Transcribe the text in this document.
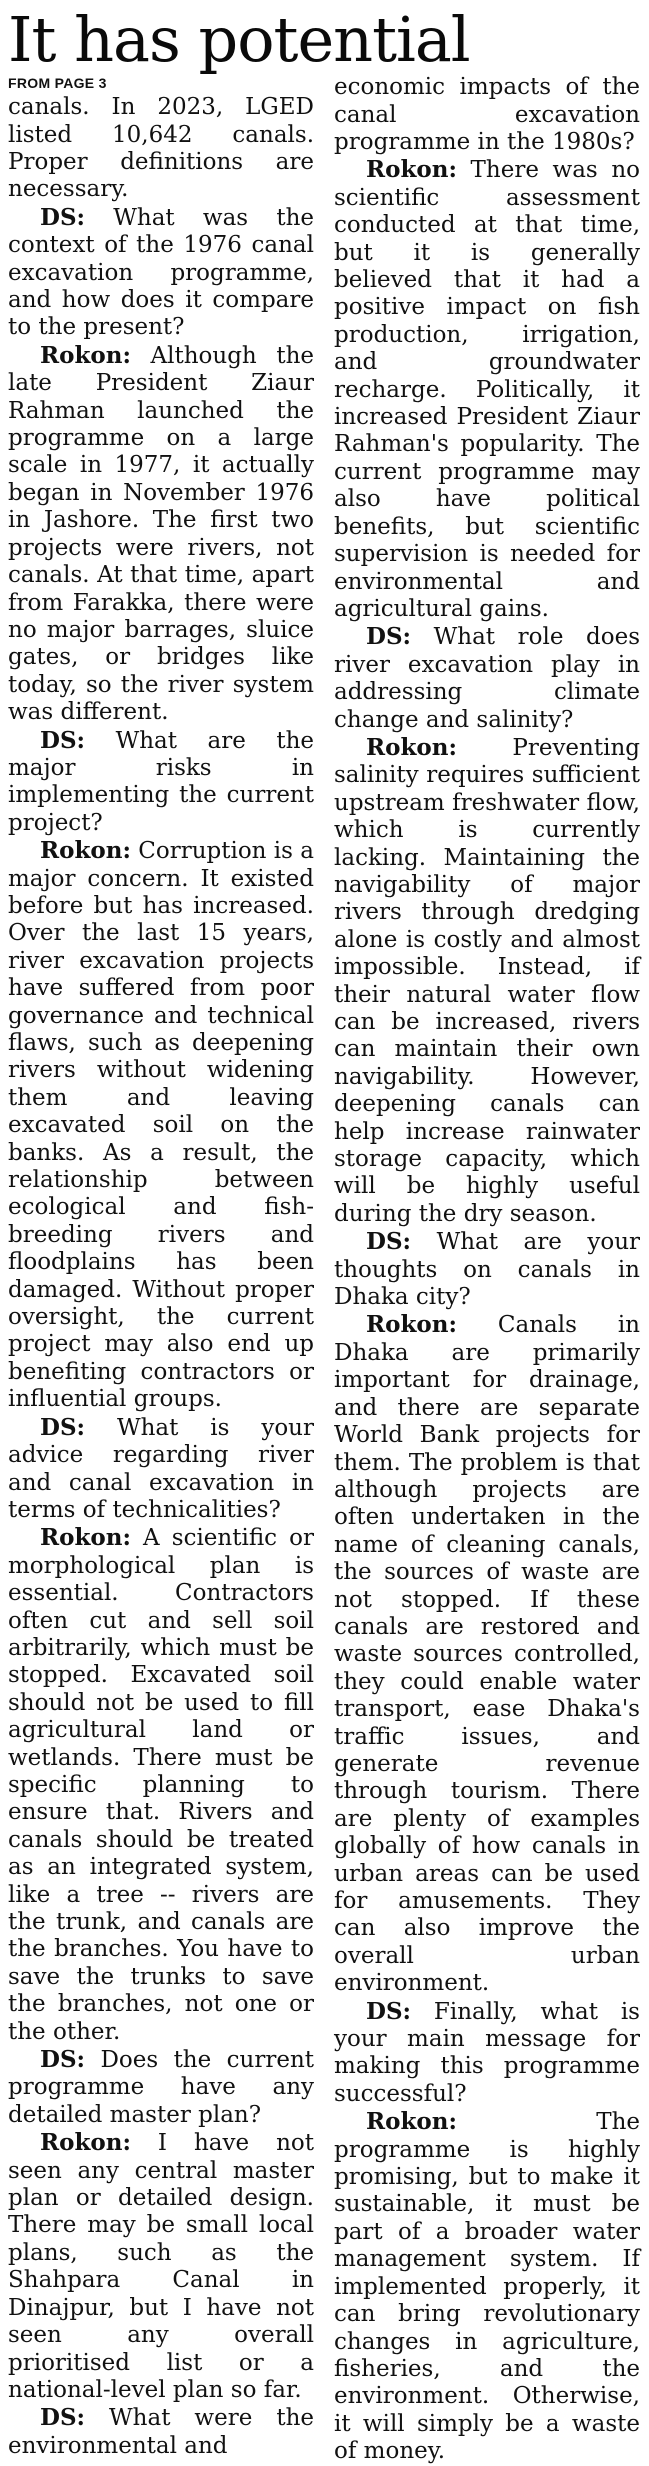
It has potential
FROM PAGE 3

canals. In 2023, LGED listed 10,642 canals. Proper definitions are necessary.

DS: What was the context of the 1976 canal excavation programme, and how does it compare to the present?

Rokon: Although the late President Ziaur Rahman launched the programme on a large scale in 1977, it actually began in November 1976 in Jashore. The first two projects were rivers, not canals. At that time, apart from Farakka, there were no major barrages, sluice gates, or bridges like today, so the river system was different.

DS: What are the major risks in implementing the current project?

Rokon: Corruption is a major concern. It existed before but has increased. Over the last 15 years, river excavation projects have suffered from poor governance and technical flaws, such as deepening rivers without widening them and leaving excavated soil on the banks. As a result, the relationship between ecological and fish-breeding rivers and floodplains has been damaged. Without proper oversight, the current project may also end up benefiting contractors or influential groups.

DS: What is your advice regarding river and canal excavation in terms of technicalities?

Rokon: A scientific or morphological plan is essential. Contractors often cut and sell soil arbitrarily, which must be stopped. Excavated soil should not be used to fill agricultural land or wetlands. There must be specific planning to ensure that. Rivers and canals should be treated as an integrated system, like a tree -- rivers are the trunk, and canals are the branches. You have to save the trunks to save the branches, not one or the other.

DS: Does the current programme have any detailed master plan?

Rokon: I have not seen any central master plan or detailed design. There may be small local plans, such as the Shahpara Canal in Dinajpur, but I have not seen any overall prioritised list or a national-level plan so far.

DS: What were the environmental and

economic impacts of the canal excavation programme in the 1980s?

Rokon: There was no scientific assessment conducted at that time, but it is generally believed that it had a positive impact on fish production, irrigation, and groundwater recharge. Politically, it increased President Ziaur Rahman's popularity. The current programme may also have political benefits, but scientific supervision is needed for environmental and agricultural gains.

DS: What role does river excavation play in addressing climate change and salinity?

Rokon: Preventing salinity requires sufficient upstream freshwater flow, which is currently lacking. Maintaining the navigability of major rivers through dredging alone is costly and almost impossible. Instead, if their natural water flow can be increased, rivers can maintain their own navigability. However, deepening canals can help increase rainwater storage capacity, which will be highly useful during the dry season.

DS: What are your thoughts on canals in Dhaka city?

Rokon: Canals in Dhaka are primarily important for drainage, and there are separate World Bank projects for them. The problem is that although projects are often undertaken in the name of cleaning canals, the sources of waste are not stopped. If these canals are restored and waste sources controlled, they could enable water transport, ease Dhaka's traffic issues, and generate revenue through tourism. There are plenty of examples globally of how canals in urban areas can be used for amusements. They can also improve the overall urban environment.

DS: Finally, what is your main message for making this programme successful?

Rokon: The programme is highly promising, but to make it sustainable, it must be part of a broader water management system. If implemented properly, it can bring revolutionary changes in agriculture, fisheries, and the environment. Otherwise, it will simply be a waste of money.
